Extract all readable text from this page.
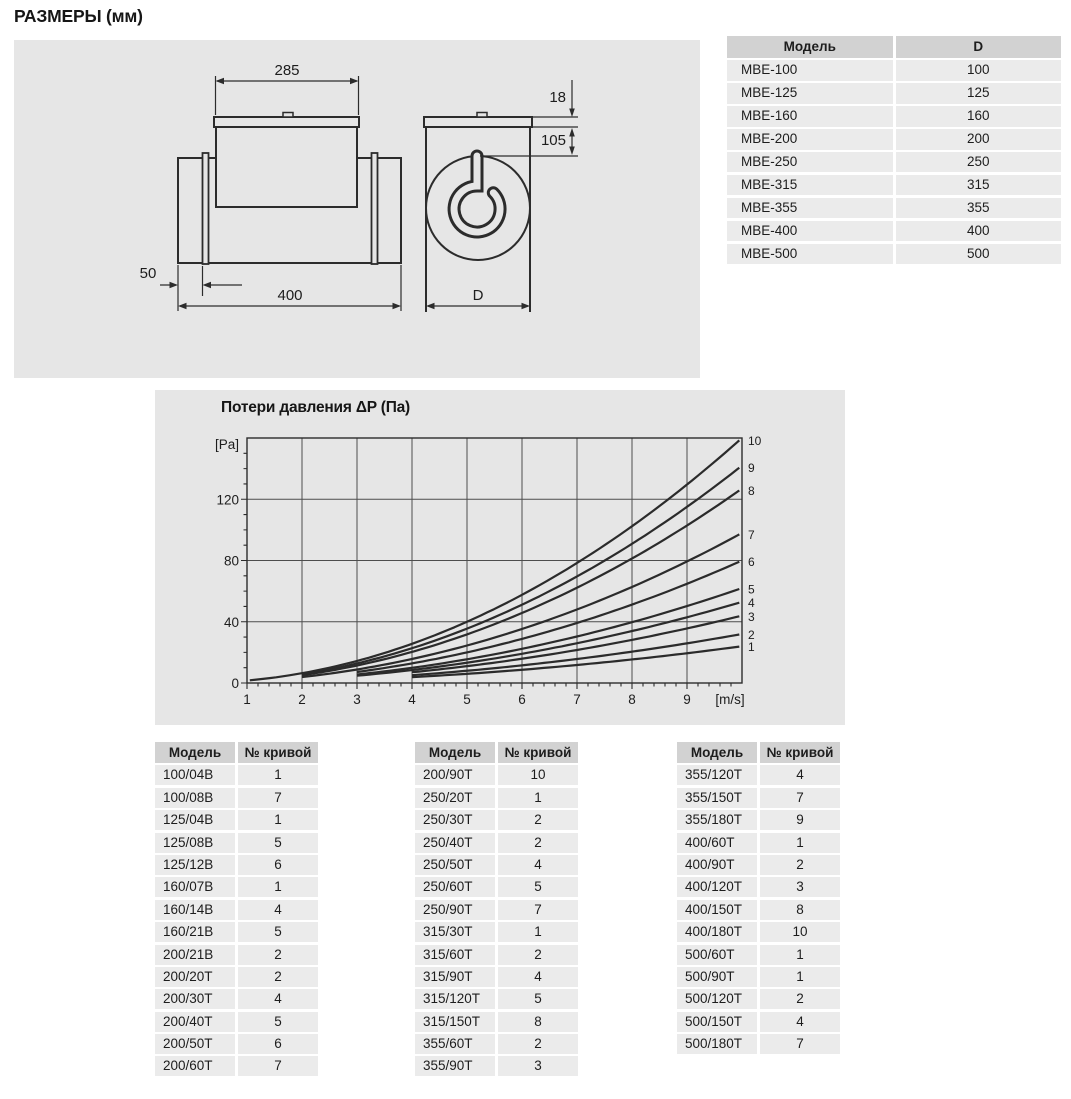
РАЗМЕРЫ (мм)
285
50
400	D
18
105
Модель	D
МВЕ-100	100
МВЕ-125	125
МВЕ-160	160
МВЕ-200	200
МВЕ-250	250
МВЕ-315	315
МВЕ-355	355
МВЕ-400	400
МВЕ-500	500
Потери давления ΔP (Па)
1
2
3
4
5
6
7
8
9
10
[Pa]
0
40
80
120
1	2	3	4	5	6	7	8	9 [m/s]
Модель	№ кривой
100/04В	1
100/08В	7
125/04В	1
125/08В	5
125/12В	6
160/07В	1
160/14В	4
160/21В	5
200/21В	2
200/20Т	2
200/30Т	4
200/40Т	5
200/50Т	6
200/60Т	7
Модель	№ кривой
200/90Т	10
250/20Т	1
250/30Т	2
250/40Т	2
250/50Т	4
250/60Т	5
250/90Т	7
315/30Т	1
315/60Т	2
315/90Т	4
315/120Т	5
315/150Т	8
355/60Т	2
355/90Т	3
Модель	№ кривой
355/120Т	4
355/150Т	7
355/180Т	9
400/60Т	1
400/90Т	2
400/120Т	3
400/150Т	8
400/180Т	10
500/60Т	1
500/90Т	1
500/120Т	2
500/150Т	4
500/180Т	7
